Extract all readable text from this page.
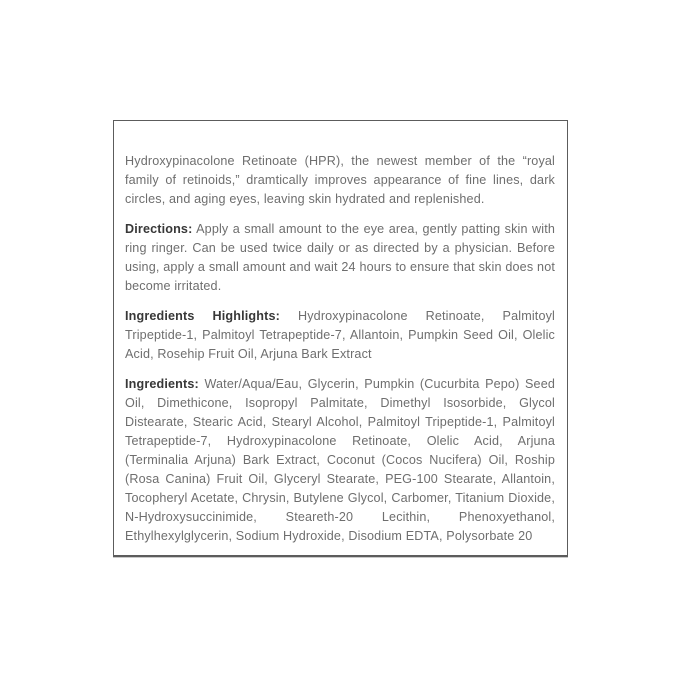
Hydroxypinacolone Retinoate (HPR), the newest member of the “royal family of retinoids,” dramtically improves appearance of fine lines, dark circles, and aging eyes, leaving skin hydrated and replenished.

Directions: Apply a small amount to the eye area, gently patting skin with ring ringer. Can be used twice daily or as directed by a physician. Before using, apply a small amount and wait 24 hours to ensure that skin does not become irritated.

Ingredients Highlights: Hydroxypinacolone Retinoate, Palmitoyl Tripeptide-1, Palmitoyl Tetrapeptide-7, Allantoin, Pumpkin Seed Oil, Olelic Acid, Rosehip Fruit Oil, Arjuna Bark Extract

Ingredients: Water/Aqua/Eau, Glycerin, Pumpkin (Cucurbita Pepo) Seed Oil, Dimethicone, Isopropyl Palmitate, Dimethyl Isosorbide, Glycol Distearate, Stearic Acid, Stearyl Alcohol, Palmitoyl Tripeptide-1, Palmitoyl Tetrapeptide-7, Hydroxypinacolone Retinoate, Olelic Acid, Arjuna (Terminalia Arjuna) Bark Extract, Coconut (Cocos Nucifera) Oil, Roship (Rosa Canina) Fruit Oil, Glyceryl Stearate, PEG-100 Stearate, Allantoin, Tocopheryl Acetate, Chrysin, Butylene Glycol, Carbomer, Titanium Dioxide, N-Hydroxysuccinimide, Steareth-20 Lecithin, Phenoxyethanol, Ethylhexylglycerin, Sodium Hydroxide, Disodium EDTA, Polysorbate 20
